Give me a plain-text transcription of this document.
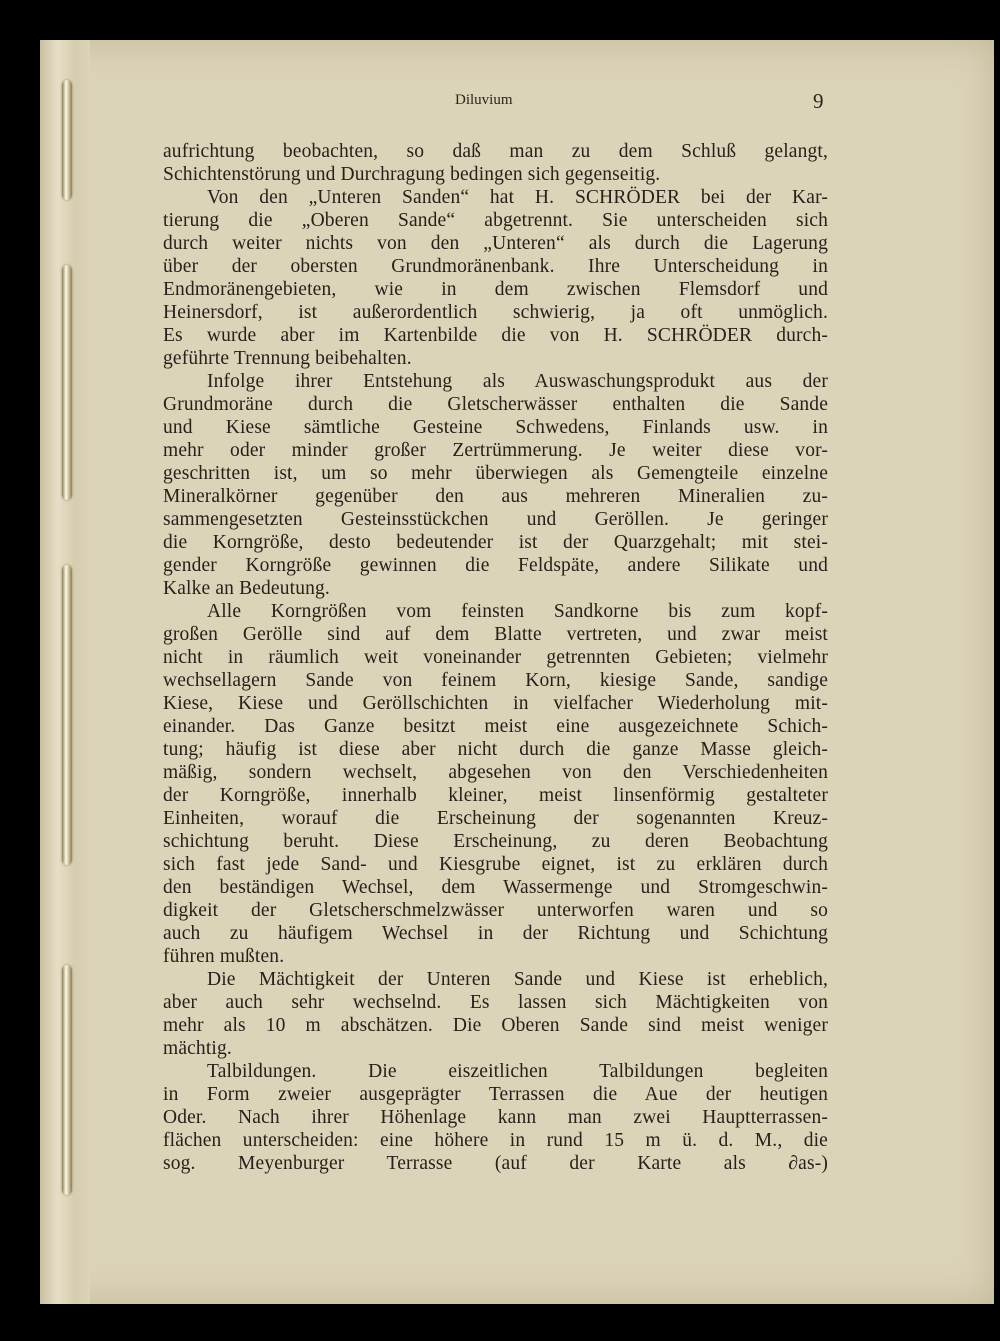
Diluvium	9
aufrichtung beobachten, so daß man zu dem Schluß gelangt,
Schichtenstörung und Durchragung bedingen sich gegenseitig.
Von den „Unteren Sanden“ hat H. SCHRÖDER bei der Kar-
tierung die „Oberen Sande“ abgetrennt. Sie unterscheiden sich
durch weiter nichts von den „Unteren“ als durch die Lagerung
über der obersten Grundmoränenbank. Ihre Unterscheidung in
Endmoränengebieten, wie in dem zwischen Flemsdorf und
Heinersdorf, ist außerordentlich schwierig, ja oft unmöglich.
Es wurde aber im Kartenbilde die von H. SCHRÖDER durch-
geführte Trennung beibehalten.
Infolge ihrer Entstehung als Auswaschungsprodukt aus der
Grundmoräne durch die Gletscherwässer enthalten die Sande
und Kiese sämtliche Gesteine Schwedens, Finlands usw. in
mehr oder minder großer Zertrümmerung. Je weiter diese vor-
geschritten ist, um so mehr überwiegen als Gemengteile einzelne
Mineralkörner gegenüber den aus mehreren Mineralien zu-
sammengesetzten Gesteinsstückchen und Geröllen. Je geringer
die Korngröße, desto bedeutender ist der Quarzgehalt; mit stei-
gender Korngröße gewinnen die Feldspäte, andere Silikate und
Kalke an Bedeutung.
Alle Korngrößen vom feinsten Sandkorne bis zum kopf-
großen Gerölle sind auf dem Blatte vertreten, und zwar meist
nicht in räumlich weit voneinander getrennten Gebieten; vielmehr
wechsellagern Sande von feinem Korn, kiesige Sande, sandige
Kiese, Kiese und Geröllschichten in vielfacher Wiederholung mit-
einander. Das Ganze besitzt meist eine ausgezeichnete Schich-
tung; häufig ist diese aber nicht durch die ganze Masse gleich-
mäßig, sondern wechselt, abgesehen von den Verschiedenheiten
der Korngröße, innerhalb kleiner, meist linsenförmig gestalteter
Einheiten, worauf die Erscheinung der sogenannten Kreuz-
schichtung beruht. Diese Erscheinung, zu deren Beobachtung
sich fast jede Sand- und Kiesgrube eignet, ist zu erklären durch
den beständigen Wechsel, dem Wassermenge und Stromgeschwin-
digkeit der Gletscherschmelzwässer unterworfen waren und so
auch zu häufigem Wechsel in der Richtung und Schichtung
führen mußten.
Die Mächtigkeit der Unteren Sande und Kiese ist erheblich,
aber auch sehr wechselnd. Es lassen sich Mächtigkeiten von
mehr als 10 m abschätzen. Die Oberen Sande sind meist weniger
mächtig.
Talbildungen. Die eiszeitlichen Talbildungen begleiten
in Form zweier ausgeprägter Terrassen die Aue der heutigen
Oder. Nach ihrer Höhenlage kann man zwei Hauptterrassen-
flächen unterscheiden: eine höhere in rund 15 m ü. d. M., die
sog. Meyenburger Terrasse (auf der Karte als ∂as-)
